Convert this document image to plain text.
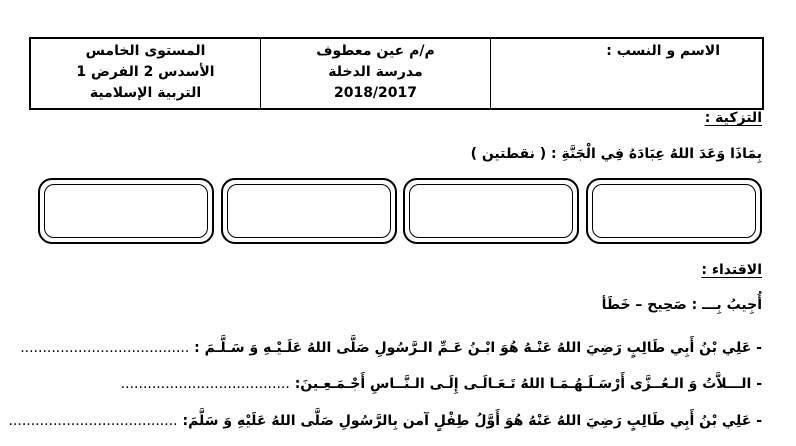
المستوى الخامس
الأسدس 2 الفرض 1
التربية الإسلامية
م/م عين معطوف
مدرسة الدخلة
2018/2017
الاسم و النسب :
التزكية :
بِمَاذَا وَعَدَ اللهُ عِبَادَهُ فِي الْجَنَّةِ : ( نقطتين )
الاقتداء :
أُجِيبُ بِـــ : صَحِيح – خَطَأ
- عَلِي بْنُ أَبِي طَالِبٍ رَضِيَ اللهُ عَنْـهُ هُوَ ابْـنُ عَـمِّ الـرَّسُولِ صَلَّى اللهُ عَلَـيْـهِ وَ سَـلَّـمَ : ......................................
- الـــلاَّتُ وَ الـعُــزَّى أَرْسَـلَـهُـمَـا اللهُ تَـعَـالَـى إِلَـى الـنَّــاسِ أَجْـمَـعِـينَ: ......................................
- عَلِي بْنُ أَبِي طَالِبٍ رَضِيَ اللهُ عَنْهُ هُوَ أَوَّلُ طِفْلٍ آمن بِالرَّسُولِ صَلَّى اللهُ عَلَيْهِ وَ سَلَّمَ: ......................................
